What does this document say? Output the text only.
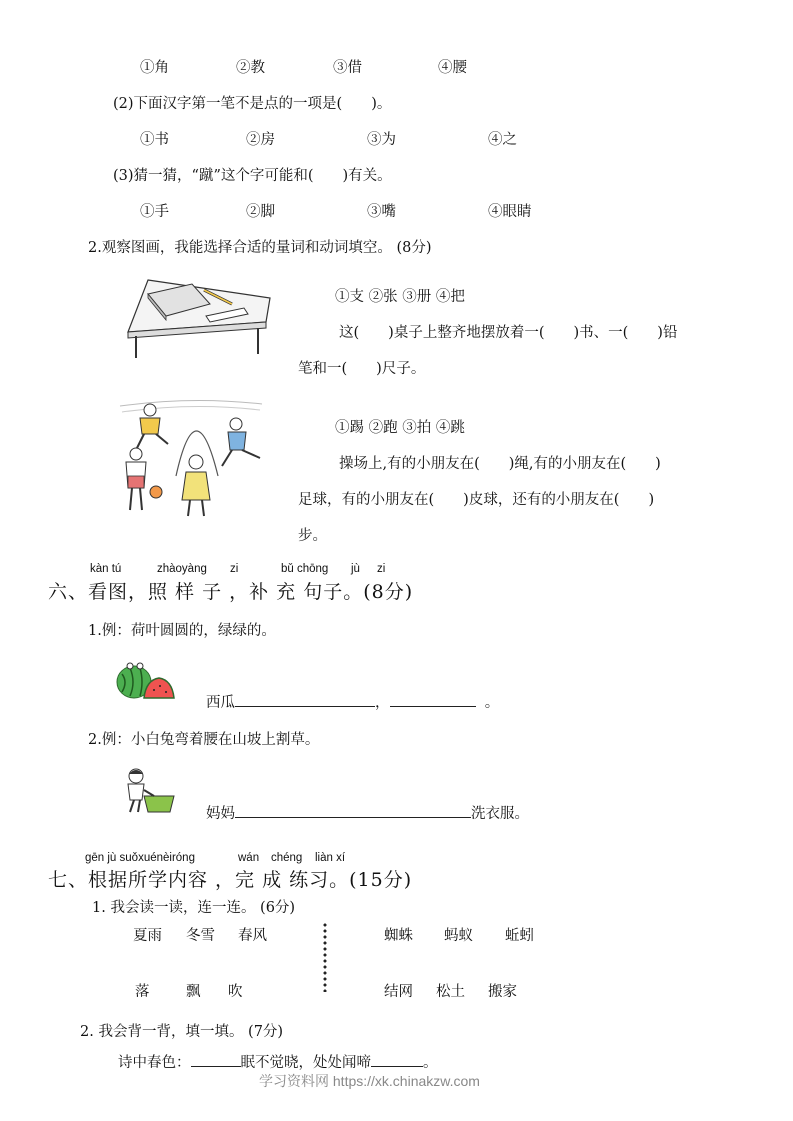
①角	②教	③借	④腰
(2)下面汉字第一笔不是点的一项是(　　)。
①书	②房	③为	④之
(3)猜一猜，“蹴”这个字可能和(　　)有关。
①手	②脚	③嘴	④眼睛
2.观察图画，我能选择合适的量词和动词填空。 (8分)
①支 ②张 ③册 ④把
这(　　)桌子上整齐地摆放着一(　　)书、一(　　)铅
笔和一(　　)尺子。
①踢 ②跑 ③拍 ④跳
操场上,有的小朋友在(　　)绳,有的小朋友在(　　)
足球，有的小朋友在(　　)皮球，还有的小朋友在(　　)
步。
kàn tú	zhàoyàng zi	bǔ chōng jù zi
六、看图，照 样 子 ，补 充 句子。(8分)
1.例：荷叶圆圆的，绿绿的。
西瓜	，	。
2.例：小白兔弯着腰在山坡上割草。
妈妈	洗衣服。
gēn jù suǒxuénèiróng	wán chéng liàn xí
七、根据所学内容 ，完 成 练习。(15分)
1. 我会读一读，连一连。 (6分)
夏雨 冬雪 春风
落	飘 吹
蜘蛛 蚂蚁 蚯蚓
结网 松土 搬家
2. 我会背一背，填一填。 (7分)
诗中春色：	眠不觉晓，处处闻啼	。
学习资料网 https://xk.chinakzw.com
